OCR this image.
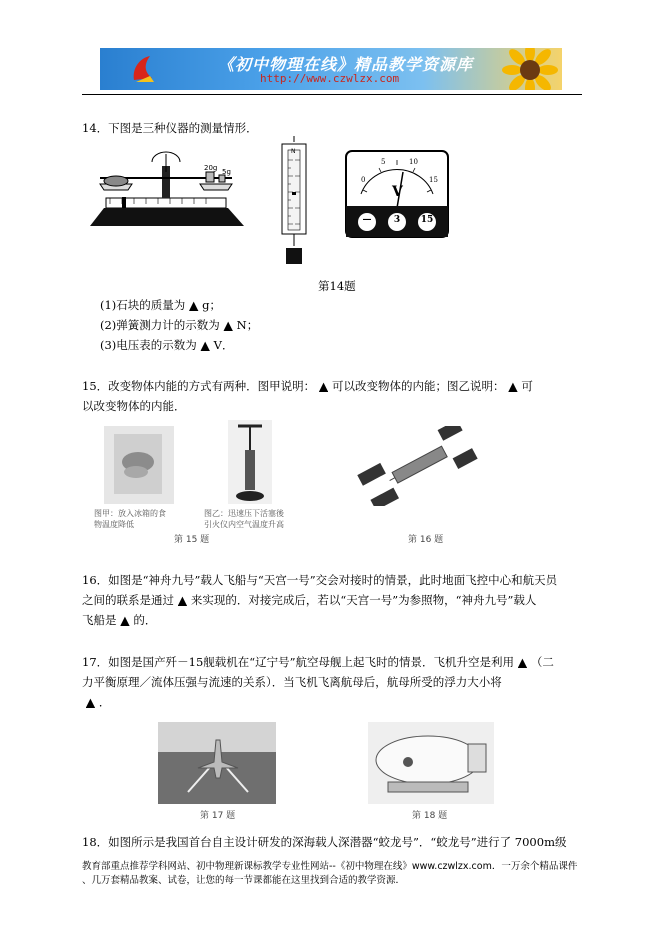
《初中物理在线》精品教学资源库
http://www.czwlzx.com
14．下图是三种仪器的测量情形．
20g 5g
N
0
5	10
15
V
—	3	15
第14题
(1)石块的质量为 ▲ g；
(2)弹簧测力计的示数为 ▲ N；
(3)电压表的示数为 ▲ V．
15．改变物体内能的方式有两种．图甲说明： ▲ 可以改变物体的内能；图乙说明： ▲ 可
以改变物体的内能．
图甲：放入冰箱的食
物温度降低
图乙：迅速压下活塞後
引火仪内空气温度升高
第 15 题	第 16 题
16．如图是“神舟九号”载人飞船与“天宫一号”交会对接时的情景，此时地面飞控中心和航天员
之间的联系是通过 ▲ 来实现的．对接完成后，若以“天宫一号”为参照物，“神舟九号”载人
飞船是 ▲ 的．
17．如图是国产歼－15舰载机在“辽宁号”航空母舰上起飞时的情景．飞机升空是利用 ▲ （二
力平衡原理／流体压强与流速的关系）．当飞机飞离航母后，航母所受的浮力大小将
▲ ．
第 17 题	第 18 题
18．如图所示是我国首台自主设计研发的深海载人深潜器“蛟龙号”．“蛟龙号”进行了 7000m级
教育部重点推荐学科网站、初中物理新课标教学专业性网站--《初中物理在线》www.czwlzx.com．一万余个精品课件
、几万套精品教案、试卷，让您的每一节课都能在这里找到合适的教学资源．
